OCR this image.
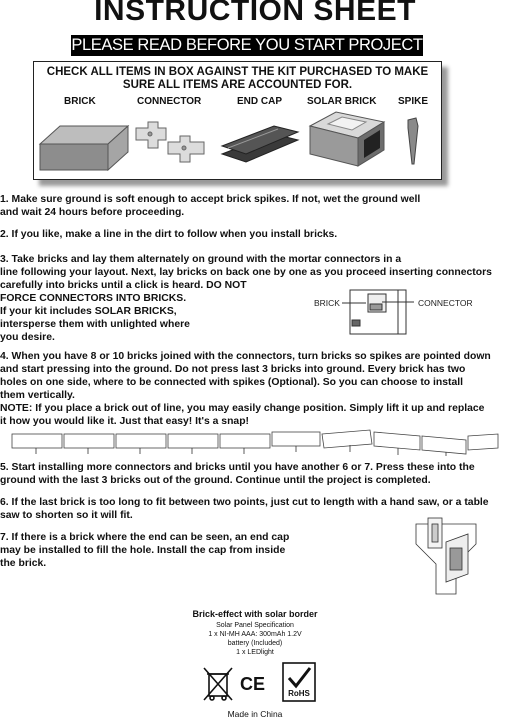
INSTRUCTION SHEET
PLEASE READ BEFORE YOU START PROJECT
CHECK ALL ITEMS IN BOX AGAINST THE KIT PURCHASED TO MAKE
SURE ALL ITEMS ARE ACCOUNTED FOR.
BRICK	CONNECTOR	END CAP SOLAR BRICK SPIKE
1. Make sure ground is soft enough to accept brick spikes. If not, wet the ground well
and wait 24 hours before proceeding.
2. If you like, make a line in the dirt to follow when you install bricks.
3. Take bricks and lay them alternately on ground with the mortar connectors in a
line following your layout. Next, lay bricks on back one by one as you proceed inserting connectors
carefully into bricks until a click is heard. DO NOT
FORCE CONNECTORS INTO BRICKS.
If your kit includes SOLAR BRICKS,
intersperse them with unlighted where
you desire.
BRICK	CONNECTOR
4. When you have 8 or 10 bricks joined with the connectors, turn bricks so spikes are pointed down
and start pressing into the ground. Do not press last 3 bricks into ground. Every brick has two
holes on one side, where to be connected with spikes (Optional). So you can choose to install
them vertically.
NOTE: If you place a brick out of line, you may easily change position. Simply lift it up and replace
it how you would like it. Just that easy! It's a snap!
5. Start installing more connectors and bricks until you have another 6 or 7. Press these into the
ground with the last 3 bricks out of the ground. Continue until the project is completed.
6. If the last brick is too long to fit between two points, just cut to length with a hand saw, or a table
saw to shorten so it will fit.
7. If there is a brick where the end can be seen, an end cap
may be installed to fill the hole. Install the cap from inside
the brick.
Brick-effect with solar border
Solar Panel Specification
1 x NI-MH AAA: 300mAh 1.2V
battery (Included)
1 x LEDlight
CE	RoHS
Made in China
